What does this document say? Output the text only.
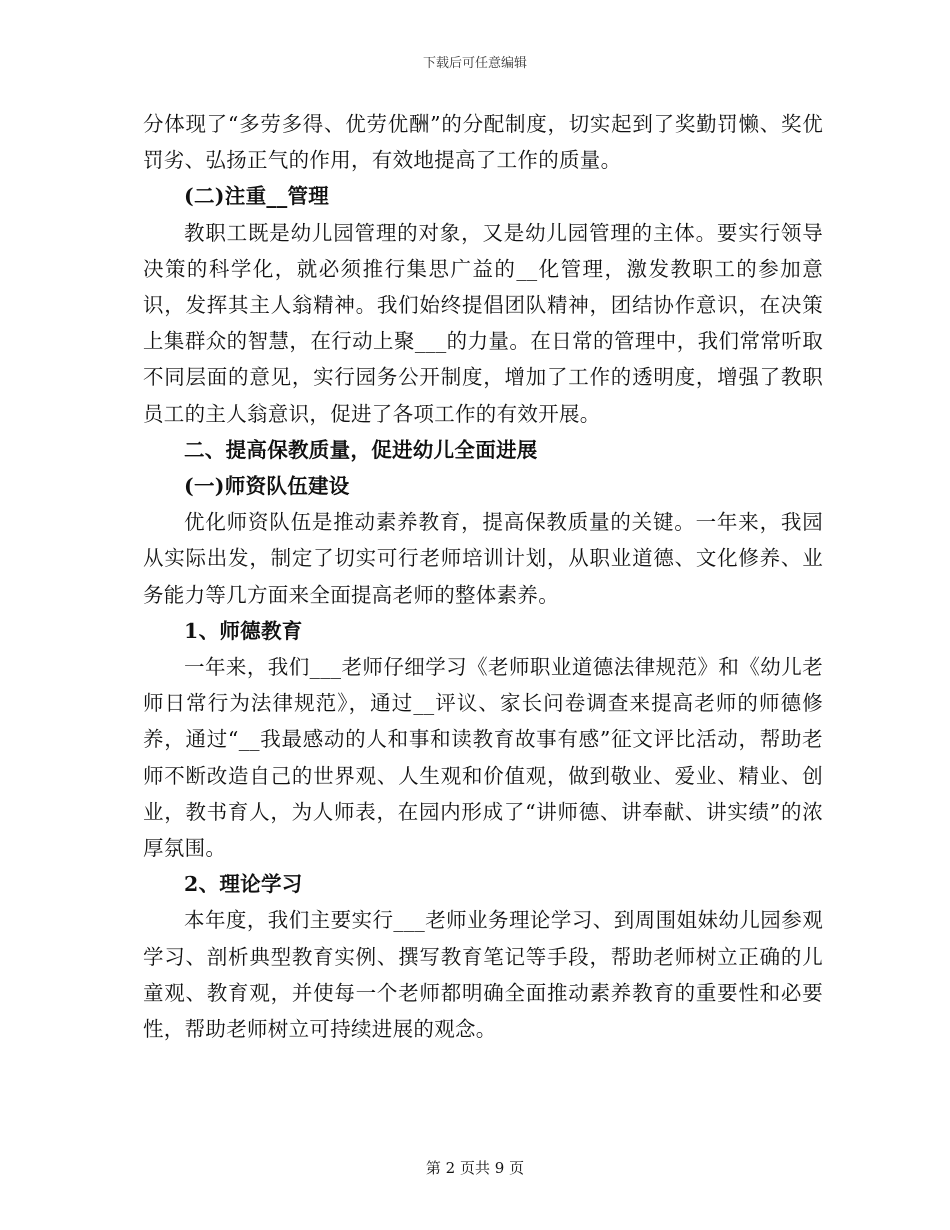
下载后可任意编辑

分体现了“多劳多得、优劳优酬”的分配制度，切实起到了奖勤罚懒、奖优罚劣、弘扬正气的作用，有效地提高了工作的质量。

(二)注重__管理

教职工既是幼儿园管理的对象，又是幼儿园管理的主体。要实行领导决策的科学化，就必须推行集思广益的__化管理，激发教职工的参加意识，发挥其主人翁精神。我们始终提倡团队精神，团结协作意识，在决策上集群众的智慧，在行动上聚___的力量。在日常的管理中，我们常常听取不同层面的意见，实行园务公开制度，增加了工作的透明度，增强了教职员工的主人翁意识，促进了各项工作的有效开展。

二、提高保教质量，促进幼儿全面进展

(一)师资队伍建设

优化师资队伍是推动素养教育，提高保教质量的关键。一年来，我园从实际出发，制定了切实可行老师培训计划，从职业道德、文化修养、业务能力等几方面来全面提高老师的整体素养。

1、师德教育

一年来，我们___老师仔细学习《老师职业道德法律规范》和《幼儿老师日常行为法律规范》，通过__评议、家长问卷调查来提高老师的师德修养，通过“__我最感动的人和事和读教育故事有感”征文评比活动，帮助老师不断改造自己的世界观、人生观和价值观，做到敬业、爱业、精业、创业，教书育人，为人师表，在园内形成了“讲师德、讲奉献、讲实绩”的浓厚氛围。

2、理论学习

本年度，我们主要实行___老师业务理论学习、到周围姐妹幼儿园参观学习、剖析典型教育实例、撰写教育笔记等手段，帮助老师树立正确的儿童观、教育观，并使每一个老师都明确全面推动素养教育的重要性和必要性，帮助老师树立可持续进展的观念。

第 2 页共 9 页
